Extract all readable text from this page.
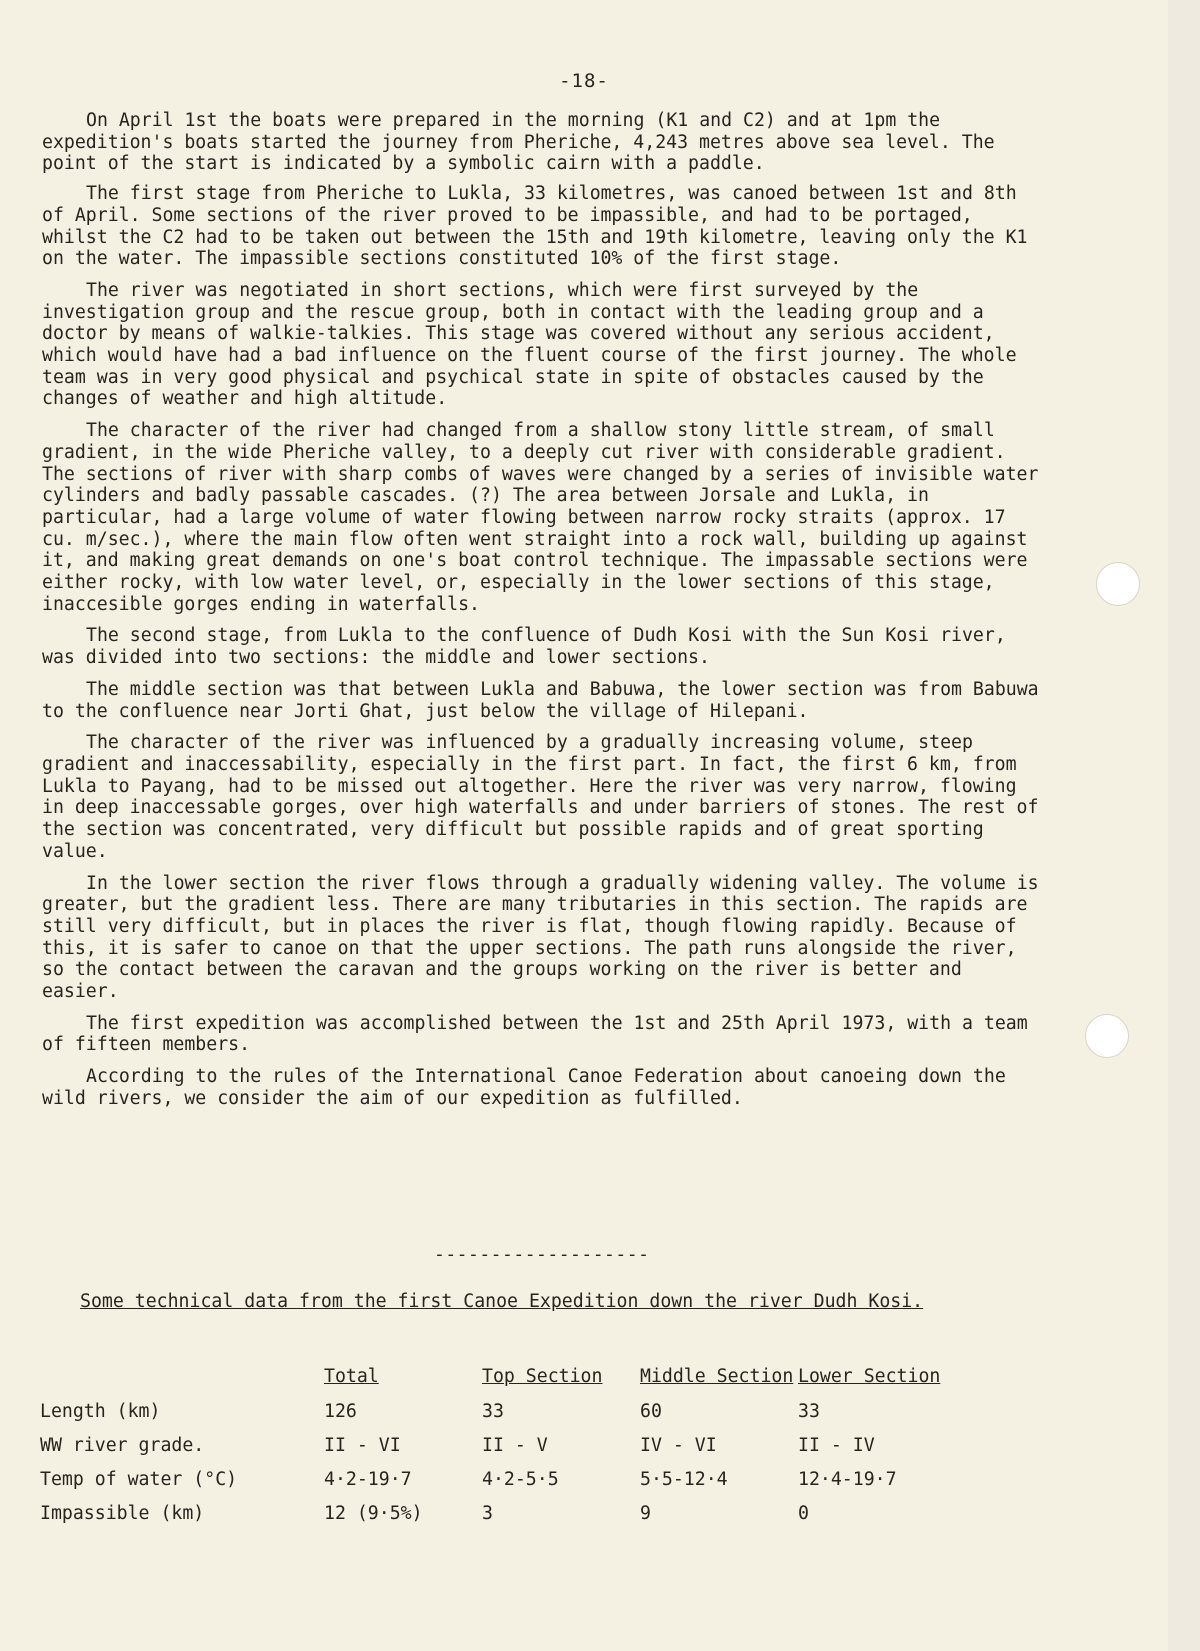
-18-

On April 1st the boats were prepared in the morning (K1 and C2) and at 1pm the expedition's boats started the journey from Pheriche, 4,243 metres above sea level. The point of the start is indicated by a symbolic cairn with a paddle.

The first stage from Pheriche to Lukla, 33 kilometres, was canoed between 1st and 8th of April. Some sections of the river proved to be impassible, and had to be portaged, whilst the C2 had to be taken out between the 15th and 19th kilometre, leaving only the K1 on the water. The impassible sections constituted 10% of the first stage.

The river was negotiated in short sections, which were first surveyed by the investigation group and the rescue group, both in contact with the leading group and a doctor by means of walkie-talkies. This stage was covered without any serious accident, which would have had a bad influence on the fluent course of the first journey. The whole team was in very good physical and psychical state in spite of obstacles caused by the changes of weather and high altitude.

The character of the river had changed from a shallow stony little stream, of small gradient, in the wide Pheriche valley, to a deeply cut river with considerable gradient. The sections of river with sharp combs of waves were changed by a series of invisible water cylinders and badly passable cascades. (?) The area between Jorsale and Lukla, in particular, had a large volume of water flowing between narrow rocky straits (approx. 17 cu. m/sec.), where the main flow often went straight into a rock wall, building up against it, and making great demands on one's boat control technique. The impassable sections were either rocky, with low water level, or, especially in the lower sections of this stage, inaccesible gorges ending in waterfalls.

The second stage, from Lukla to the confluence of Dudh Kosi with the Sun Kosi river, was divided into two sections: the middle and lower sections.

The middle section was that between Lukla and Babuwa, the lower section was from Babuwa to the confluence near Jorti Ghat, just below the village of Hilepani.

The character of the river was influenced by a gradually increasing volume, steep gradient and inaccessability, especially in the first part. In fact, the first 6 km, from Lukla to Payang, had to be missed out altogether. Here the river was very narrow, flowing in deep inaccessable gorges, over high waterfalls and under barriers of stones. The rest of the section was concentrated, very difficult but possible rapids and of great sporting value.

In the lower section the river flows through a gradually widening valley. The volume is greater, but the gradient less. There are many tributaries in this section. The rapids are still very difficult, but in places the river is flat, though flowing rapidly. Because of this, it is safer to canoe on that the upper sections. The path runs alongside the river, so the contact between the caravan and the groups working on the river is better and easier.

The first expedition was accomplished between the 1st and 25th April 1973, with a team of fifteen members.

According to the rules of the International Canoe Federation about canoeing down the wild rivers, we consider the aim of our expedition as fulfilled.

-------------------
Some technical data from the first Canoe Expedition down the river Dudh Kosi.
	Total	Top Section	Middle Section	Lower Section
Length (km)	126	33	60	33
WW river grade.	II - VI	II - V	IV - VI	II - IV
Temp of water (°C)	4·2-19·7	4·2-5·5	5·5-12·4	12·4-19·7
Impassible (km)	12 (9·5%)	3	9	0
